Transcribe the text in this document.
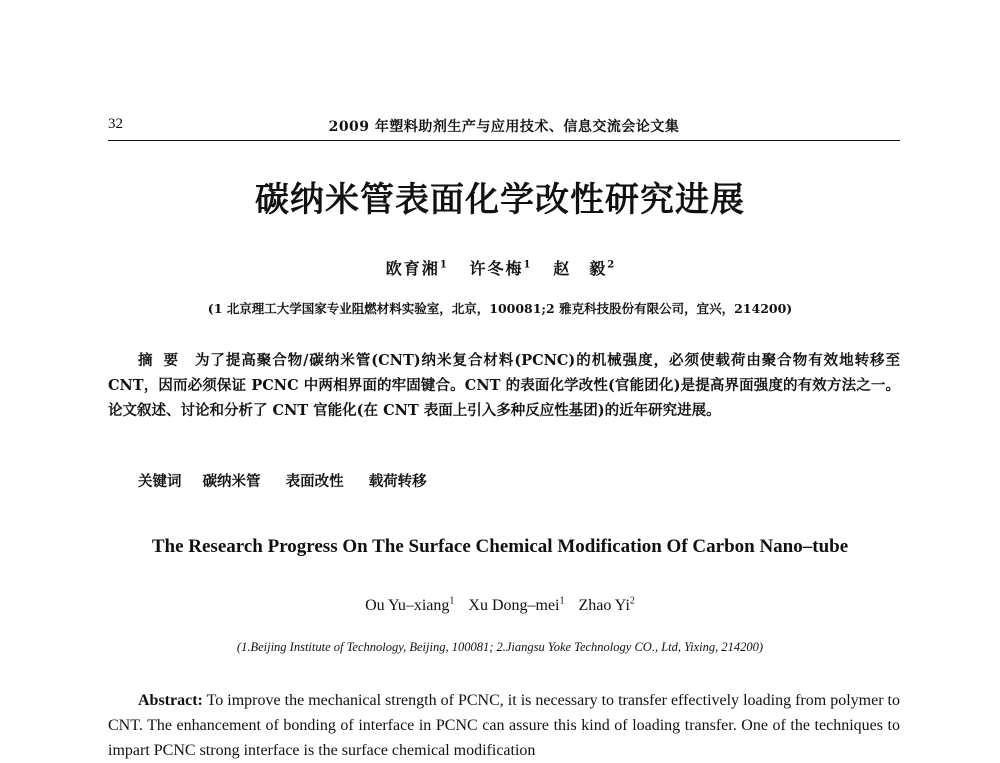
32	2009 年塑料助剂生产与应用技术、信息交流会论文集
碳纳米管表面化学改性研究进展
欧育湘$^1$ 许冬梅$^1$ 赵　毅$^2$
(1 北京理工大学国家专业阻燃材料实验室，北京，100081;2 雅克科技股份有限公司，宜兴，214200)
摘要 为了提高聚合物/碳纳米管(CNT)纳米复合材料(PCNC)的机械强度，必须使载荷由聚合物有效地转移至 CNT，因而必须保证 PCNC 中两相界面的牢固键合。CNT 的表面化学改性(官能团化)是提高界面强度的有效方法之一。论文叙述、讨论和分析了 CNT 官能化(在 CNT 表面上引入多种反应性基团)的近年研究进展。
关键词 碳纳米管 表面改性 载荷转移
The Research Progress On The Surface Chemical Modification Of Carbon Nano–tube
Ou Yu–xiang$^1$ Xu Dong–mei$^1$ Zhao Yi$^2$
(1.Beijing Institute of Technology, Beijing, 100081; 2.Jiangsu Yoke Technology CO., Ltd, Yixing, 214200)
Abstract: To improve the mechanical strength of PCNC, it is necessary to transfer effectively loading from polymer to CNT. The enhancement of bonding of interface in PCNC can assure this kind of loading transfer. One of the techniques to impart PCNC strong interface is the surface chemical modification
